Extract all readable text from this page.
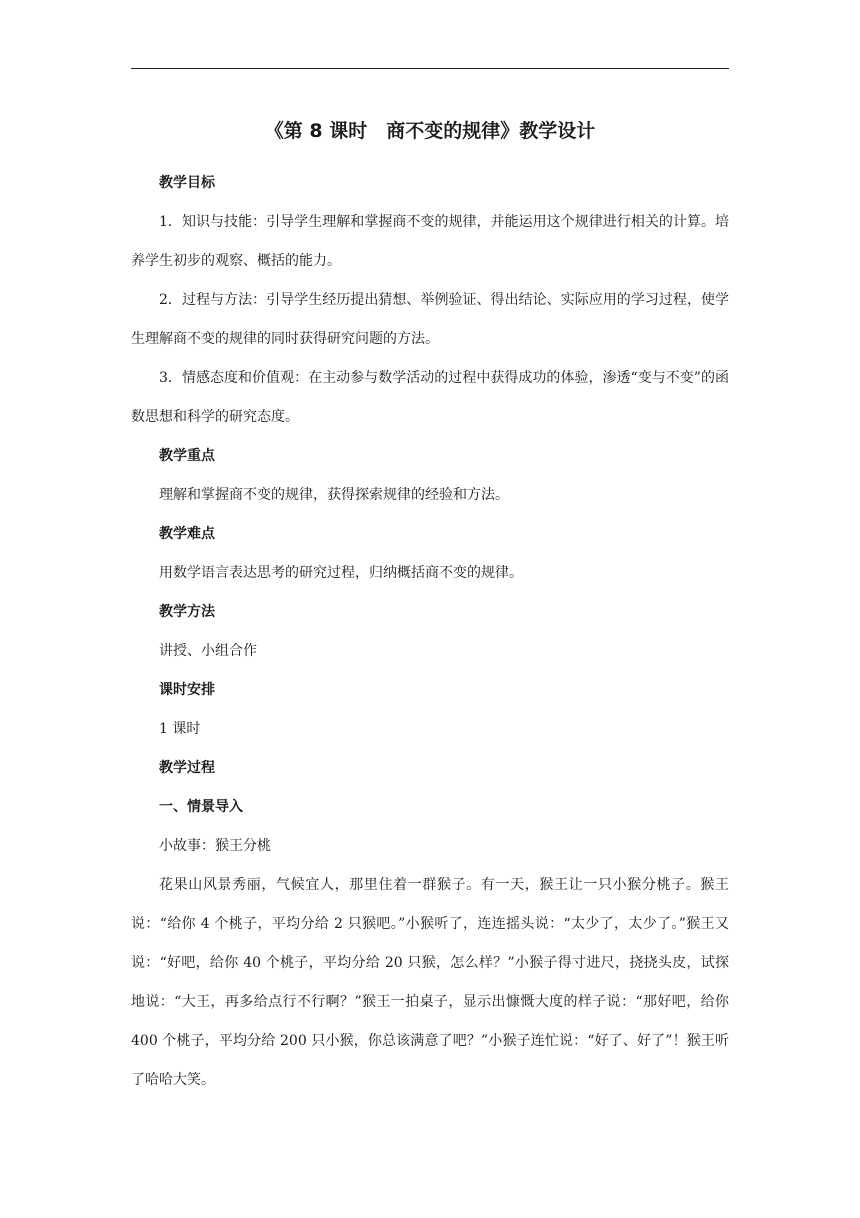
《第 8 课时　商不变的规律》教学设计

教学目标

1．知识与技能：引导学生理解和掌握商不变的规律，并能运用这个规律进行相关的计算。培养学生初步的观察、概括的能力。

2．过程与方法：引导学生经历提出猜想、举例验证、得出结论、实际应用的学习过程，使学生理解商不变的规律的同时获得研究问题的方法。

3．情感态度和价值观：在主动参与数学活动的过程中获得成功的体验，渗透“变与不变”的函数思想和科学的研究态度。

教学重点

理解和掌握商不变的规律，获得探索规律的经验和方法。

教学难点

用数学语言表达思考的研究过程，归纳概括商不变的规律。

教学方法

讲授、小组合作

课时安排

1 课时

教学过程

一、情景导入

小故事：猴王分桃

花果山风景秀丽，气候宜人，那里住着一群猴子。有一天，猴王让一只小猴分桃子。猴王说：“给你 4 个桃子，平均分给 2 只猴吧。”小猴听了，连连摇头说：“太少了，太少了。”猴王又说：“好吧，给你 40 个桃子，平均分给 20 只猴，怎么样？”小猴子得寸进尺，挠挠头皮，试探地说：“大王，再多给点行不行啊？”猴王一拍桌子，显示出慷慨大度的样子说：“那好吧，给你 400 个桃子，平均分给 200 只小猴，你总该满意了吧？”小猴子连忙说：“好了、好了”！猴王听了哈哈大笑。
